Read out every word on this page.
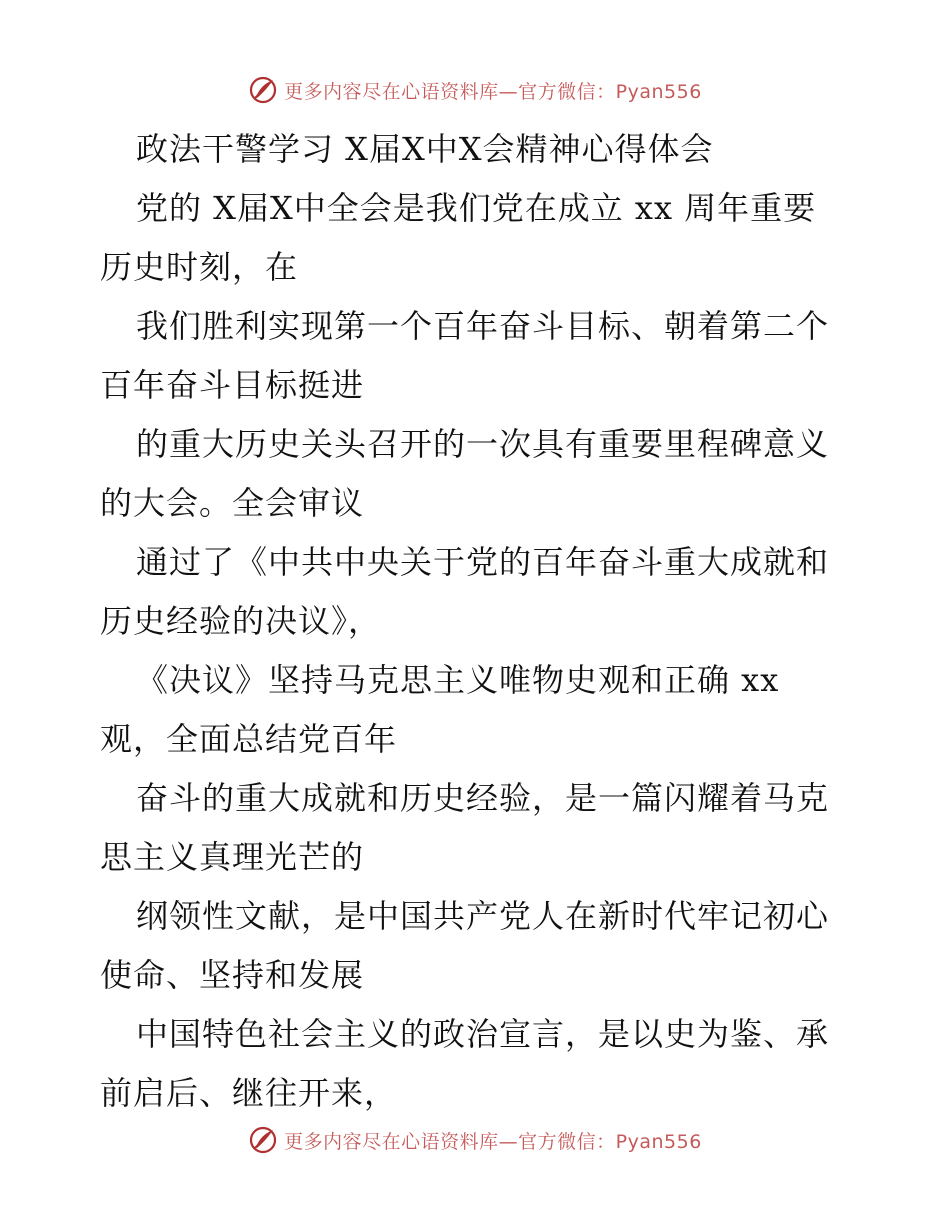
更多内容尽在心语资料库—官方微信：Pyan556
政法干警学习 X届X中X会精神心得体会
党的 X届X中全会是我们党在成立 xx 周年重要
历史时刻，在
我们胜利实现第一个百年奋斗目标、朝着第二个
百年奋斗目标挺进
的重大历史关头召开的一次具有重要里程碑意义
的大会。全会审议
通过了《中共中央关于党的百年奋斗重大成就和
历史经验的决议》，
《决议》坚持马克思主义唯物史观和正确 xx
观，全面总结党百年
奋斗的重大成就和历史经验，是一篇闪耀着马克
思主义真理光芒的
纲领性文献，是中国共产党人在新时代牢记初心
使命、坚持和发展
中国特色社会主义的政治宣言，是以史为鉴、承
前启后、继往开来，
更多内容尽在心语资料库—官方微信：Pyan556
